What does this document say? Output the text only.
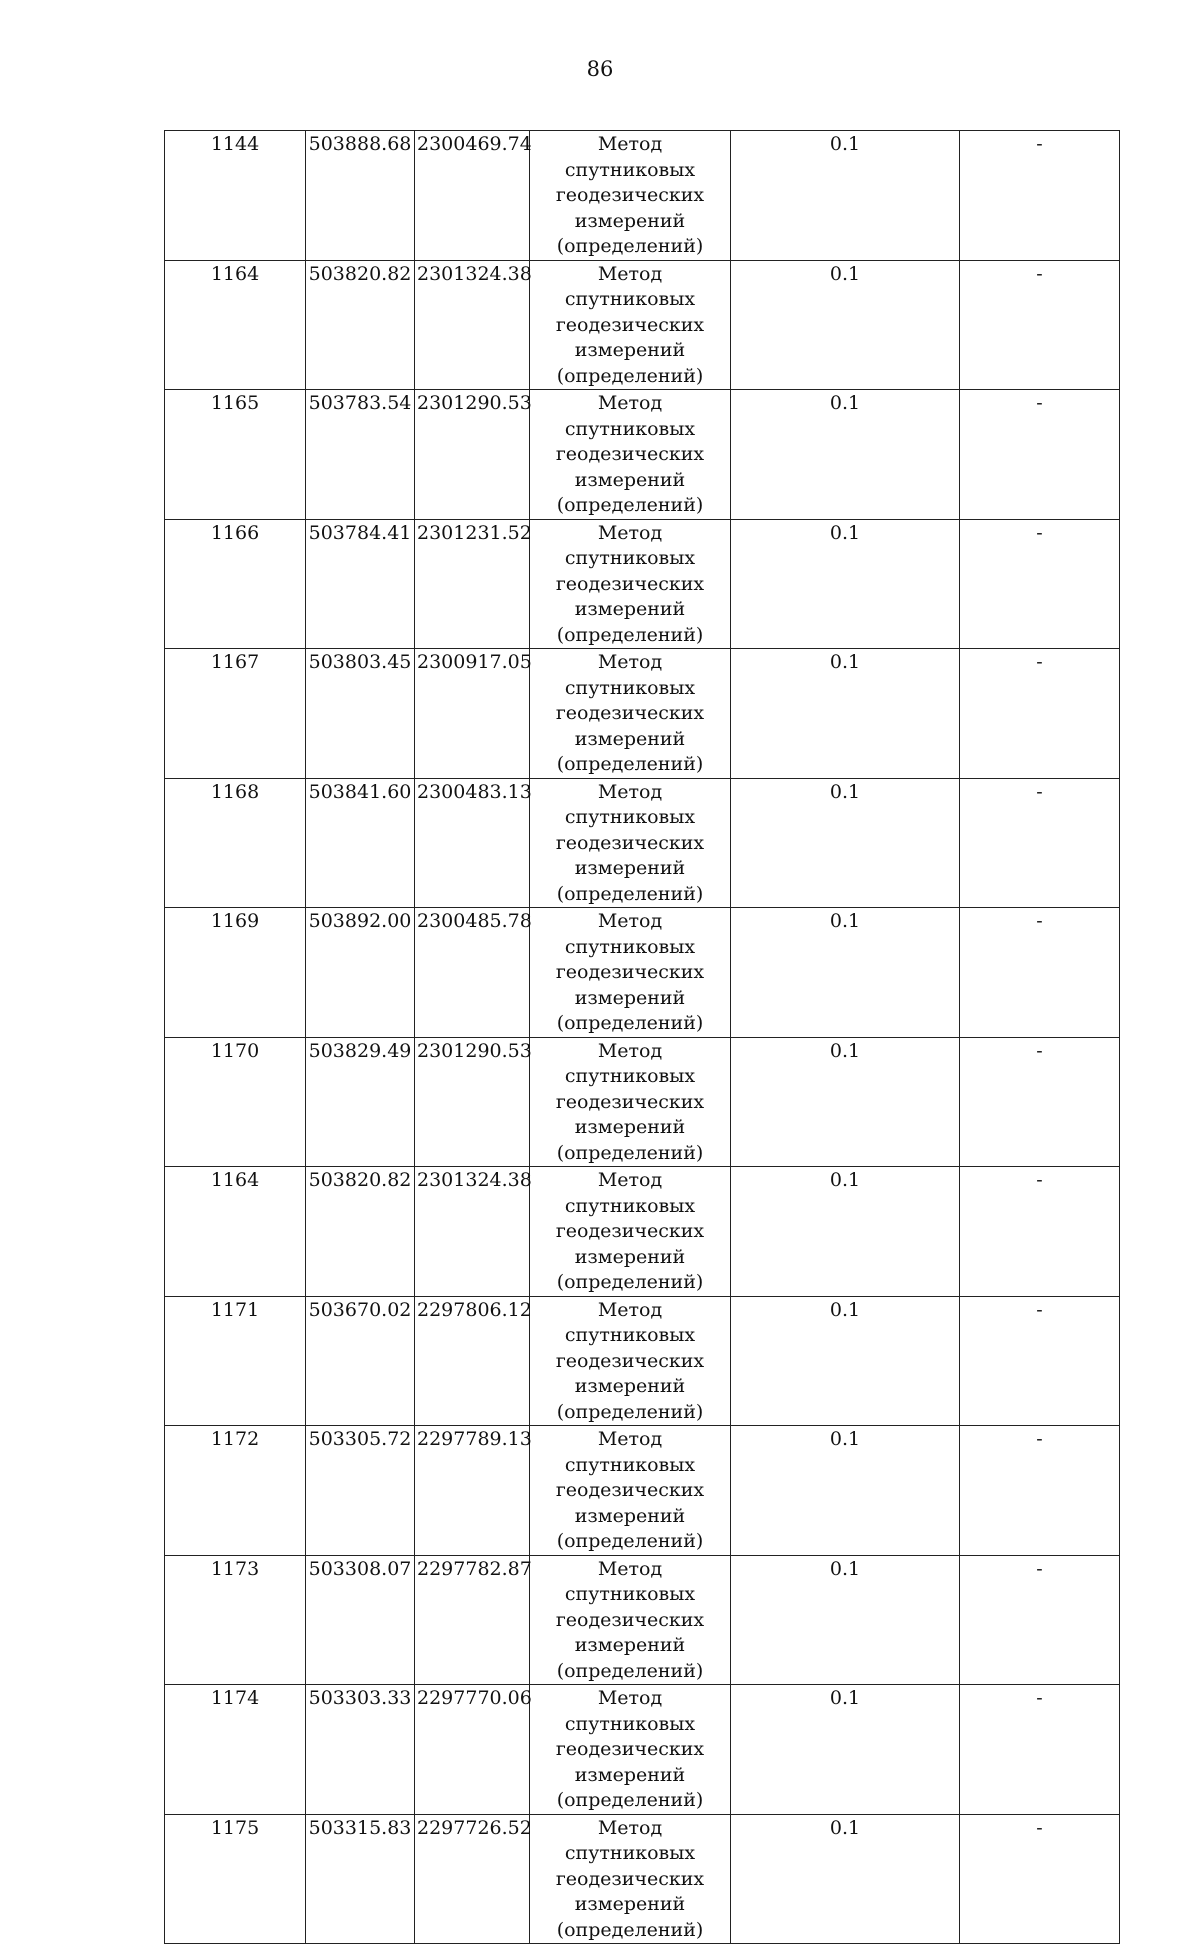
86
1144	503888.68	2300469.74	Метод спутниковых
геодезических
измерений
(определений)	0.1	-
1164	503820.82	2301324.38	Метод спутниковых
геодезических
измерений
(определений)	0.1	-
1165	503783.54	2301290.53	Метод спутниковых
геодезических
измерений
(определений)	0.1	-
1166	503784.41	2301231.52	Метод спутниковых
геодезических
измерений
(определений)	0.1	-
1167	503803.45	2300917.05	Метод спутниковых
геодезических
измерений
(определений)	0.1	-
1168	503841.60	2300483.13	Метод спутниковых
геодезических
измерений
(определений)	0.1	-
1169	503892.00	2300485.78	Метод спутниковых
геодезических
измерений
(определений)	0.1	-
1170	503829.49	2301290.53	Метод спутниковых
геодезических
измерений
(определений)	0.1	-
1164	503820.82	2301324.38	Метод спутниковых
геодезических
измерений
(определений)	0.1	-
1171	503670.02	2297806.12	Метод спутниковых
геодезических
измерений
(определений)	0.1	-
1172	503305.72	2297789.13	Метод спутниковых
геодезических
измерений
(определений)	0.1	-
1173	503308.07	2297782.87	Метод спутниковых
геодезических
измерений
(определений)	0.1	-
1174	503303.33	2297770.06	Метод спутниковых
геодезических
измерений
(определений)	0.1	-
1175	503315.83	2297726.52	Метод спутниковых
геодезических
измерений
(определений)	0.1	-
